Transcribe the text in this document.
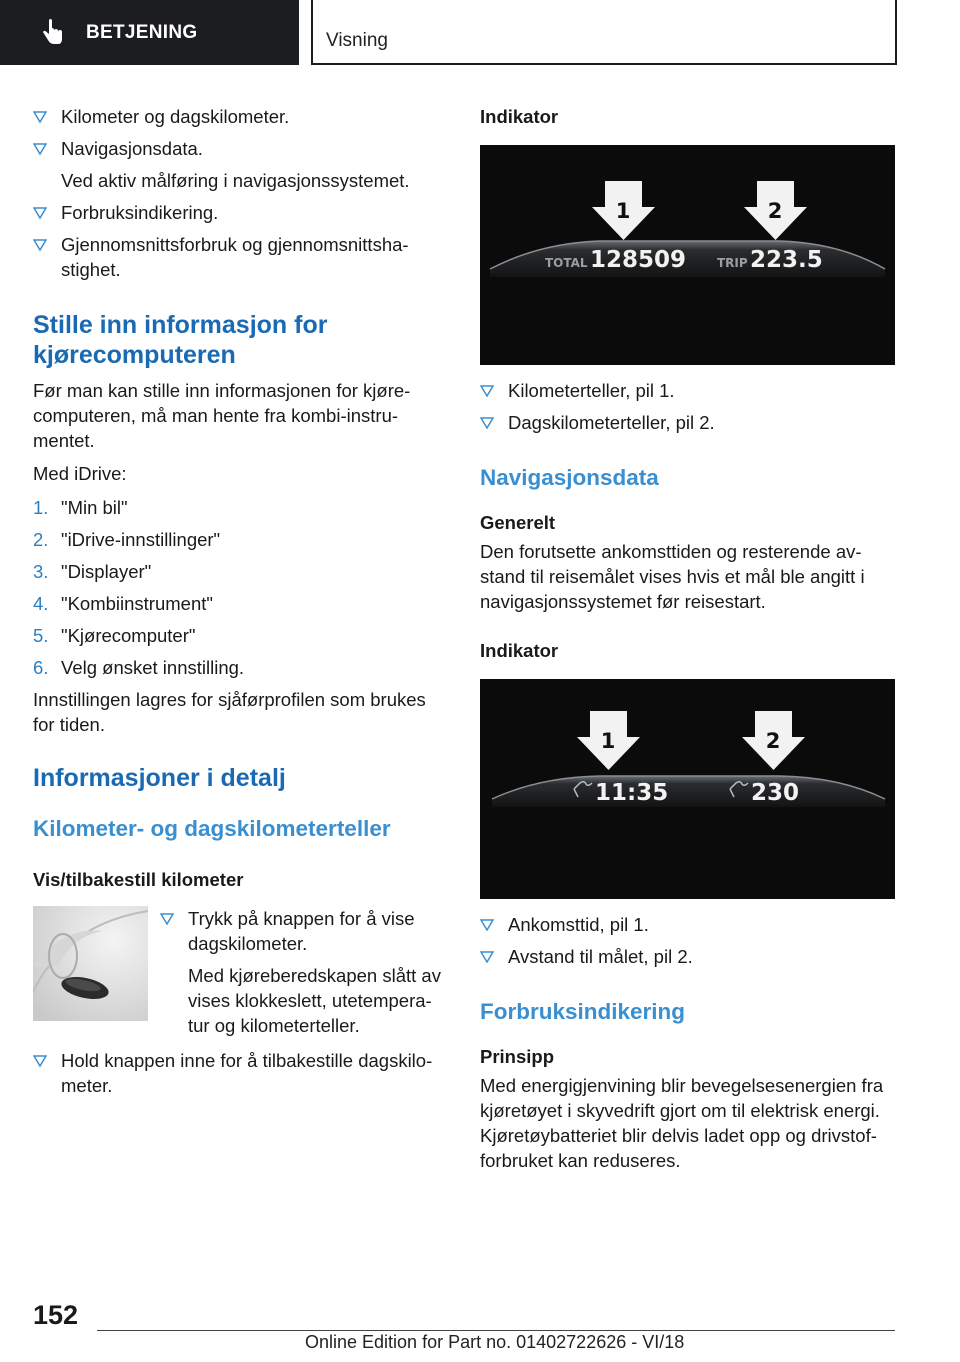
BETJENING	Visning
Kilometer og dagskilometer.
Navigasjonsdata.
Ved aktiv målføring i navigasjonssystemet.
Forbruksindikering.
Gjennomsnittsforbruk og gjennomsnittsha-stighet.
Stille inn informasjon for kjørecomputeren

Før man kan stille inn informasjonen for kjøre-computeren, må man hente fra kombi-instru-mentet.

Med iDrive:

1. "Min bil"
2. "iDrive-innstillinger"
3. "Displayer"
4. "Kombiinstrument"
5. "Kjørecomputer"
6. Velg ønsket innstilling.

Innstillingen lagres for sjåførprofilen som brukes for tiden.

Informasjoner i detalj
Kilometer- og dagskilometerteller
Vis/tilbakestill kilometer
Trykk på knappen for å vise dagskilometer.
Med kjøreberedskapen slått av vises klokkeslett, utetempera-tur og kilometerteller.
Hold knappen inne for å tilbakestille dagskilo-meter.
Indikator
1	2
TOTAL 128509	TRIP 223.5
Kilometerteller, pil 1.
Dagskilometerteller, pil 2.
Navigasjonsdata
Generelt

Den forutsette ankomsttiden og resterende av-stand til reisemålet vises hvis et mål ble angitt i navigasjonssystemet før reisestart.

Indikator
1	2
11:35	230
Ankomsttid, pil 1.
Avstand til målet, pil 2.
Forbruksindikering
Prinsipp

Med energigjenvining blir bevegelsesenergien fra kjøretøyet i skyvedrift gjort om til elektrisk energi. Kjøretøybatteriet blir delvis ladet opp og drivstof-forbruket kan reduseres.

152
Online Edition for Part no. 01402722626 - VI/18
